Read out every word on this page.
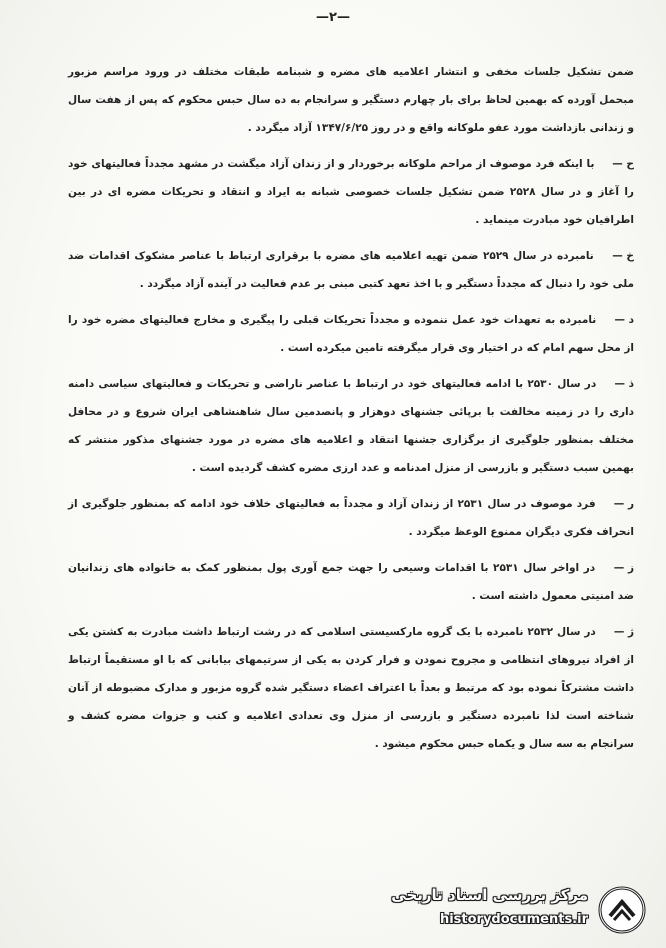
—۲—

ضمن تشکیل جلسات مخفی و انتشار اعلامیه های مضره و شبنامه طبقات مختلف در ورود مراسم مزبور مبحمل آورده که بهمین لحاظ برای بار چهارم دستگیر و سرانجام به ده سال حبس محکوم که پس از هفت سال و زندانی بازداشت مورد عفو ملوکانه واقع و در روز ۱۳۴۷/۶/۲۵ آزاد میگردد .

ح — با اینکه فرد موصوف از مراحم ملوکانه برخوردار و از زندان آزاد میگشت در مشهد مجدداً فعالیتهای خود را آغاز و در سال ۲۵۲۸ ضمن تشکیل جلسات خصوصی شبانه به ایراد و انتقاد و تحریکات مضره ای در بین اطرافیان خود مبادرت مینماید .

خ — نامبرده در سال ۲۵۲۹ ضمن تهیه اعلامیه های مضره با برقراری ارتباط با عناصر مشکوک اقدامات ضد ملی خود را دنبال که مجدداً دستگیر و با اخذ تعهد کتبی مبنی بر عدم فعالیت در آینده آزاد میگردد .

د — نامبرده به تعهدات خود عمل ننموده و مجدداً تحریکات قبلی را پیگیری و مخارج فعالیتهای مضره خود را از محل سهم امام که در اختیار وی قرار میگرفته تامین میکرده است .

ذ — در سال ۲۵۳۰ با ادامه فعالیتهای خود در ارتباط با عناصر ناراضی و تحریکات و فعالیتهای سیاسی دامنه داری را در زمینه مخالفت با برپائی جشنهای دوهزار و پانصدمین سال شاهنشاهی ایران شروع و در محافل مختلف بمنظور جلوگیری از برگزاری جشنها انتقاد و اعلامیه های مضره در مورد جشنهای مذکور منتشر که بهمین سبب دستگیر و بازرسی از منزل امدنامه و عدد ارزی مضره کشف گردیده است .

ر — فرد موصوف در سال ۲۵۳۱ از زندان آزاد و مجدداً به فعالیتهای خلاف خود ادامه که بمنظور جلوگیری از انحراف فکری دیگران ممنوع الوعظ میگردد .

ز — در اواخر سال ۲۵۳۱ با اقدامات وسیعی را جهت جمع آوری پول بمنظور کمک به خانواده های زندانیان ضد امنیتی معمول داشته است .

ژ — در سال ۲۵۳۲ نامبرده با یک گروه مارکسیستی اسلامی که در رشت ارتباط داشت مبادرت به کشتن یکی از افراد نیروهای انتظامی و مجروح نمودن و فرار کردن به یکی از سرتیمهای بیابانی که با او مستقیماً ارتباط داشت مشترکاً نموده بود که مرتبط و بعداً با اعتراف اعضاء دستگیر شده گروه مزبور و مدارک مضبوطه از آنان شناخته است لذا نامبرده دستگیر و بازرسی از منزل وی تعدادی اعلامیه و کتب و جزوات مضره کشف و سرانجام به سه سال و یکماه حبس محکوم میشود .

مرکز بررسی اسناد تاریخی
historydocuments.ir
